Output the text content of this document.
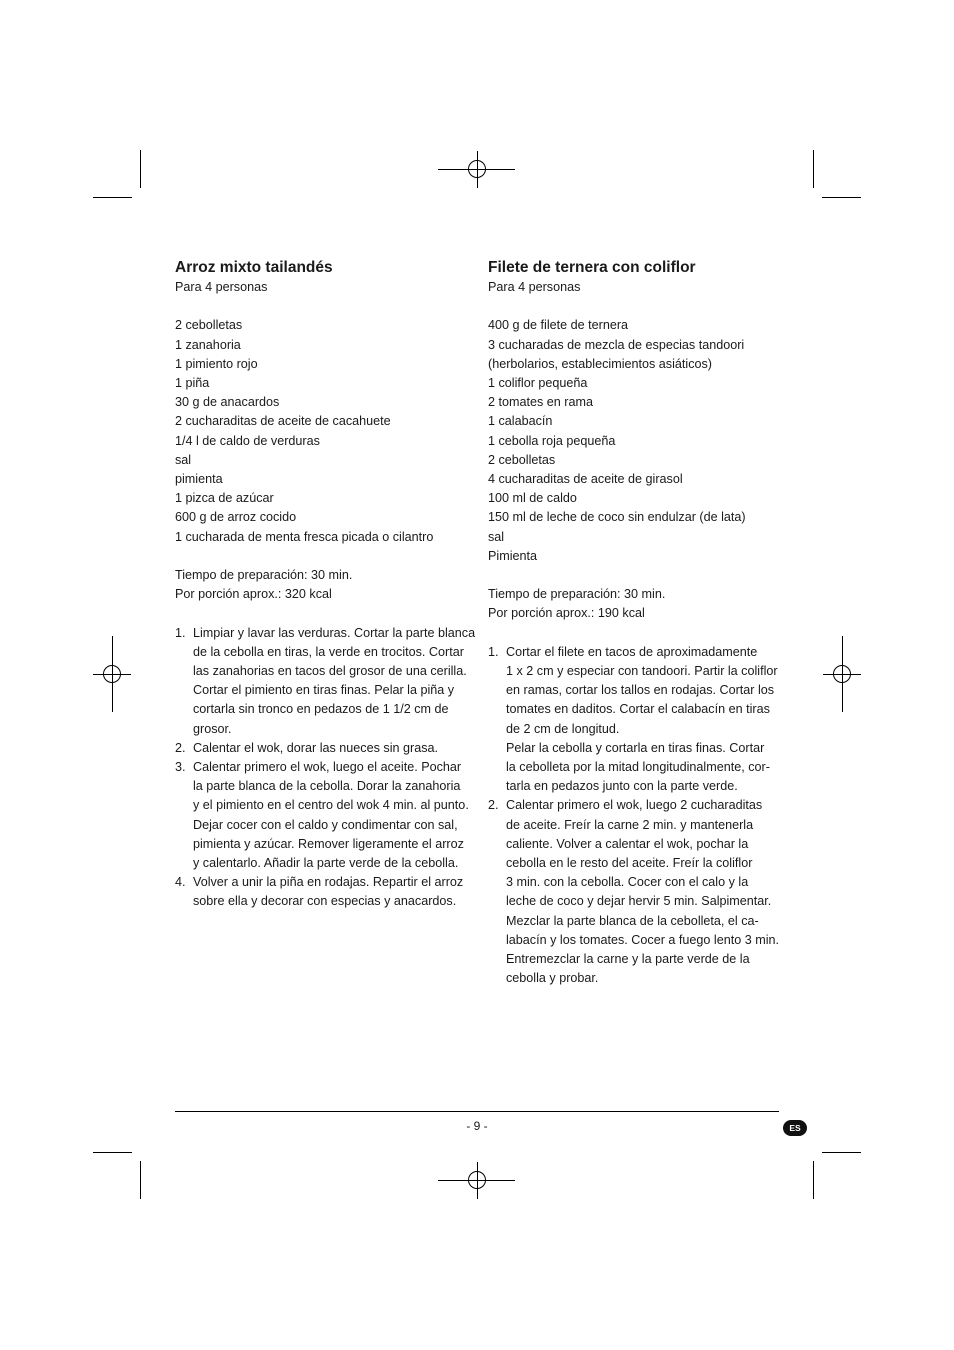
Arroz mixto tailandés
Para 4 personas
2 cebolletas
1 zanahoria
1 pimiento rojo
1 piña
30 g de anacardos
2 cucharaditas de aceite de cacahuete
1/4 l de caldo de verduras
sal
pimienta
1 pizca de azúcar
600 g de arroz cocido
1 cucharada de menta fresca picada o cilantro
Tiempo de preparación: 30 min.
Por porción aprox.: 320 kcal
1. Limpiar y lavar las verduras. Cortar la parte blanca
de la cebolla en tiras, la verde en trocitos. Cortar
las zanahorias en tacos del grosor de una cerilla.
Cortar el pimiento en tiras finas. Pelar la piña y
cortarla sin tronco en pedazos de 1 1/2 cm de
grosor.
2. Calentar el wok, dorar las nueces sin grasa.
3. Calentar primero el wok, luego el aceite. Pochar
la parte blanca de la cebolla. Dorar la zanahoria
y el pimiento en el centro del wok 4 min. al punto.
Dejar cocer con el caldo y condimentar con sal,
pimienta y azúcar. Remover ligeramente el arroz
y calentarlo. Añadir la parte verde de la cebolla.
4. Volver a unir la piña en rodajas. Repartir el arroz
sobre ella y decorar con especias y anacardos.
Filete de ternera con coliflor
Para 4 personas
400 g de filete de ternera
3 cucharadas de mezcla de especias tandoori
(herbolarios, establecimientos asiáticos)
1 coliflor pequeña
2 tomates en rama
1 calabacín
1 cebolla roja pequeña
2 cebolletas
4 cucharaditas de aceite de girasol
100 ml de caldo
150 ml de leche de coco sin endulzar (de lata)
sal
Pimienta
Tiempo de preparación: 30 min.
Por porción aprox.: 190 kcal
1. Cortar el filete en tacos de aproximadamente
1 x 2 cm y especiar con tandoori. Partir la coliflor
en ramas, cortar los tallos en rodajas. Cortar los
tomates en daditos. Cortar el calabacín en tiras
de 2 cm de longitud.
Pelar la cebolla y cortarla en tiras finas. Cortar
la cebolleta por la mitad longitudinalmente, cor-
tarla en pedazos junto con la parte verde.
2. Calentar primero el wok, luego 2 cucharaditas
de aceite. Freír la carne 2 min. y mantenerla
caliente. Volver a calentar el wok, pochar la
cebolla en le resto del aceite. Freír la coliflor
3 min. con la cebolla. Cocer con el calo y la
leche de coco y dejar hervir 5 min. Salpimentar.
Mezclar la parte blanca de la cebolleta, el ca-
labacín y los tomates. Cocer a fuego lento 3 min.
Entremezclar la carne y la parte verde de la
cebolla y probar.
- 9 -	ES
